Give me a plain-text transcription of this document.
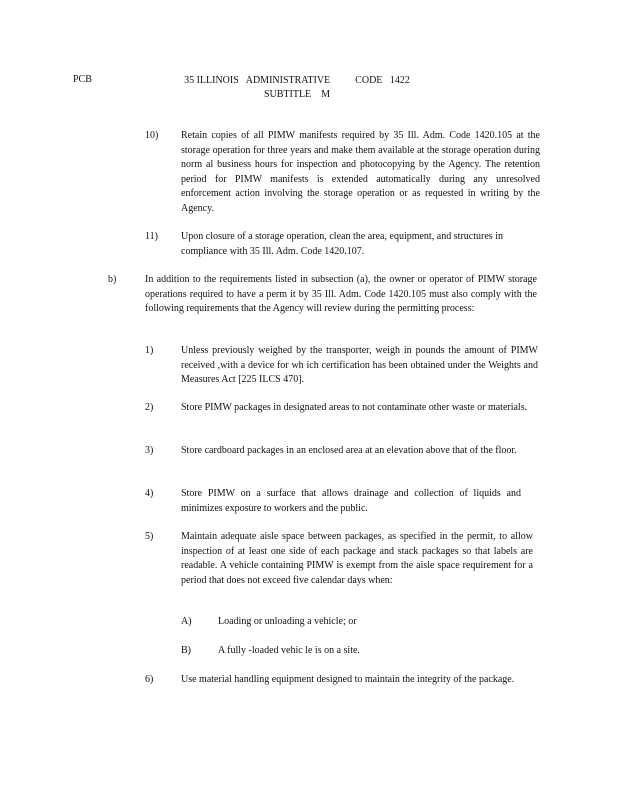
PCB	35 ILLINOIS   ADMINISTRATIVE          CODE   1422
SUBTITLE    M
10) Retain copies of all PIMW manifests required by 35 Ill. Adm. Code 1420.105 at the storage operation for three years and make them available at the storage operation during norm al business hours for inspection and photocopying by the Agency. The retention period for PIMW manifests is extended automatically during any unresolved enforcement action involving the storage operation or as requested in writing by the Agency.
11) Upon closure of a storage operation, clean the area, equipment, and structures in compliance with 35 Ill. Adm. Code 1420.107.
b)	In addition to the requirements listed in subsection (a), the owner or operator of PIMW storage operations required to have a perm it by 35 Ill. Adm. Code 1420.105 must also comply with the following requirements that the Agency will review during the permitting process:
1)	Unless previously weighed by the transporter, weigh in pounds the amount of PIMW received ,with a device for wh ich certification has been obtained under the Weights and Measures Act [225 ILCS 470].
2)	Store PIMW packages in designated areas to not contaminate other waste or materials.
3)	Store cardboard packages in an enclosed area at an elevation above that of the floor.
4)	Store PIMW on a surface that allows drainage and collection of liquids and minimizes exposure to workers and the public.
5)	Maintain adequate aisle space between packages, as specified in the permit, to allow inspection of at least one side of each package and stack packages so that labels are readable. A vehicle containing PIMW is exempt from the aisle space requirement for a period that does not exceed five calendar days when:
A)	Loading or unloading a vehicle; or
B)	A fully -loaded vehic le is on a site.
6)	Use material handling equipment designed to maintain the integrity of the package.
